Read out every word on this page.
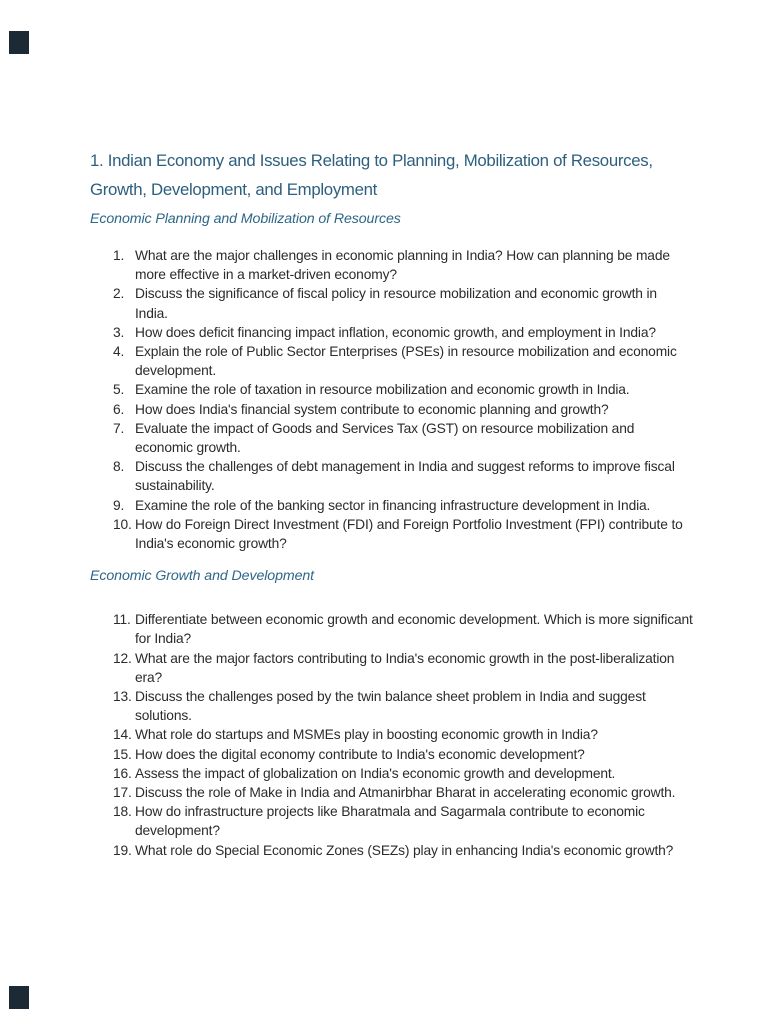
1. Indian Economy and Issues Relating to Planning, Mobilization of Resources, Growth, Development, and Employment
Economic Planning and Mobilization of Resources
What are the major challenges in economic planning in India? How can planning be made more effective in a market-driven economy?
Discuss the significance of fiscal policy in resource mobilization and economic growth in India.
How does deficit financing impact inflation, economic growth, and employment in India?
Explain the role of Public Sector Enterprises (PSEs) in resource mobilization and economic development.
Examine the role of taxation in resource mobilization and economic growth in India.
How does India's financial system contribute to economic planning and growth?
Evaluate the impact of Goods and Services Tax (GST) on resource mobilization and economic growth.
Discuss the challenges of debt management in India and suggest reforms to improve fiscal sustainability.
Examine the role of the banking sector in financing infrastructure development in India.
How do Foreign Direct Investment (FDI) and Foreign Portfolio Investment (FPI) contribute to India's economic growth?
Economic Growth and Development
Differentiate between economic growth and economic development. Which is more significant for India?
What are the major factors contributing to India's economic growth in the post-liberalization era?
Discuss the challenges posed by the twin balance sheet problem in India and suggest solutions.
What role do startups and MSMEs play in boosting economic growth in India?
How does the digital economy contribute to India's economic development?
Assess the impact of globalization on India's economic growth and development.
Discuss the role of Make in India and Atmanirbhar Bharat in accelerating economic growth.
How do infrastructure projects like Bharatmala and Sagarmala contribute to economic development?
What role do Special Economic Zones (SEZs) play in enhancing India's economic growth?
